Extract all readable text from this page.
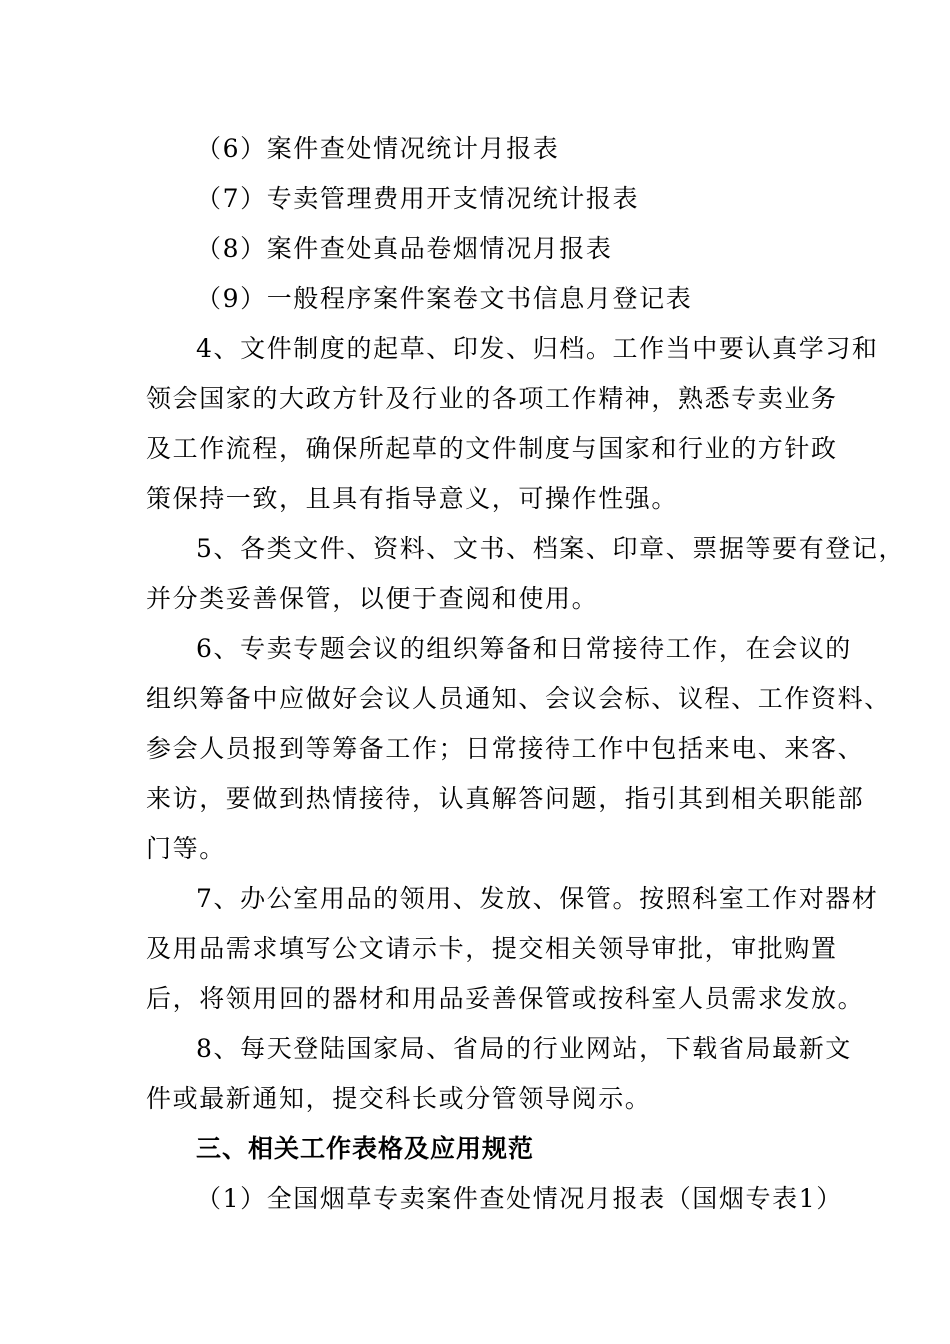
（6）案件查处情况统计月报表
（7）专卖管理费用开支情况统计报表
（8）案件查处真品卷烟情况月报表
（9）一般程序案件案卷文书信息月登记表
4、文件制度的起草、印发、归档。工作当中要认真学习和
领会国家的大政方针及行业的各项工作精神，熟悉专卖业务
及工作流程，确保所起草的文件制度与国家和行业的方针政
策保持一致，且具有指导意义，可操作性强。
5、各类文件、资料、文书、档案、印章、票据等要有登记，
并分类妥善保管，以便于查阅和使用。
6、专卖专题会议的组织筹备和日常接待工作，在会议的
组织筹备中应做好会议人员通知、会议会标、议程、工作资料、
参会人员报到等筹备工作；日常接待工作中包括来电、来客、
来访，要做到热情接待，认真解答问题，指引其到相关职能部
门等。
7、办公室用品的领用、发放、保管。按照科室工作对器材
及用品需求填写公文请示卡，提交相关领导审批，审批购置
后，将领用回的器材和用品妥善保管或按科室人员需求发放。
8、每天登陆国家局、省局的行业网站，下载省局最新文
件或最新通知，提交科长或分管领导阅示。
三、相关工作表格及应用规范
（1）全国烟草专卖案件查处情况月报表（国烟专表1）
